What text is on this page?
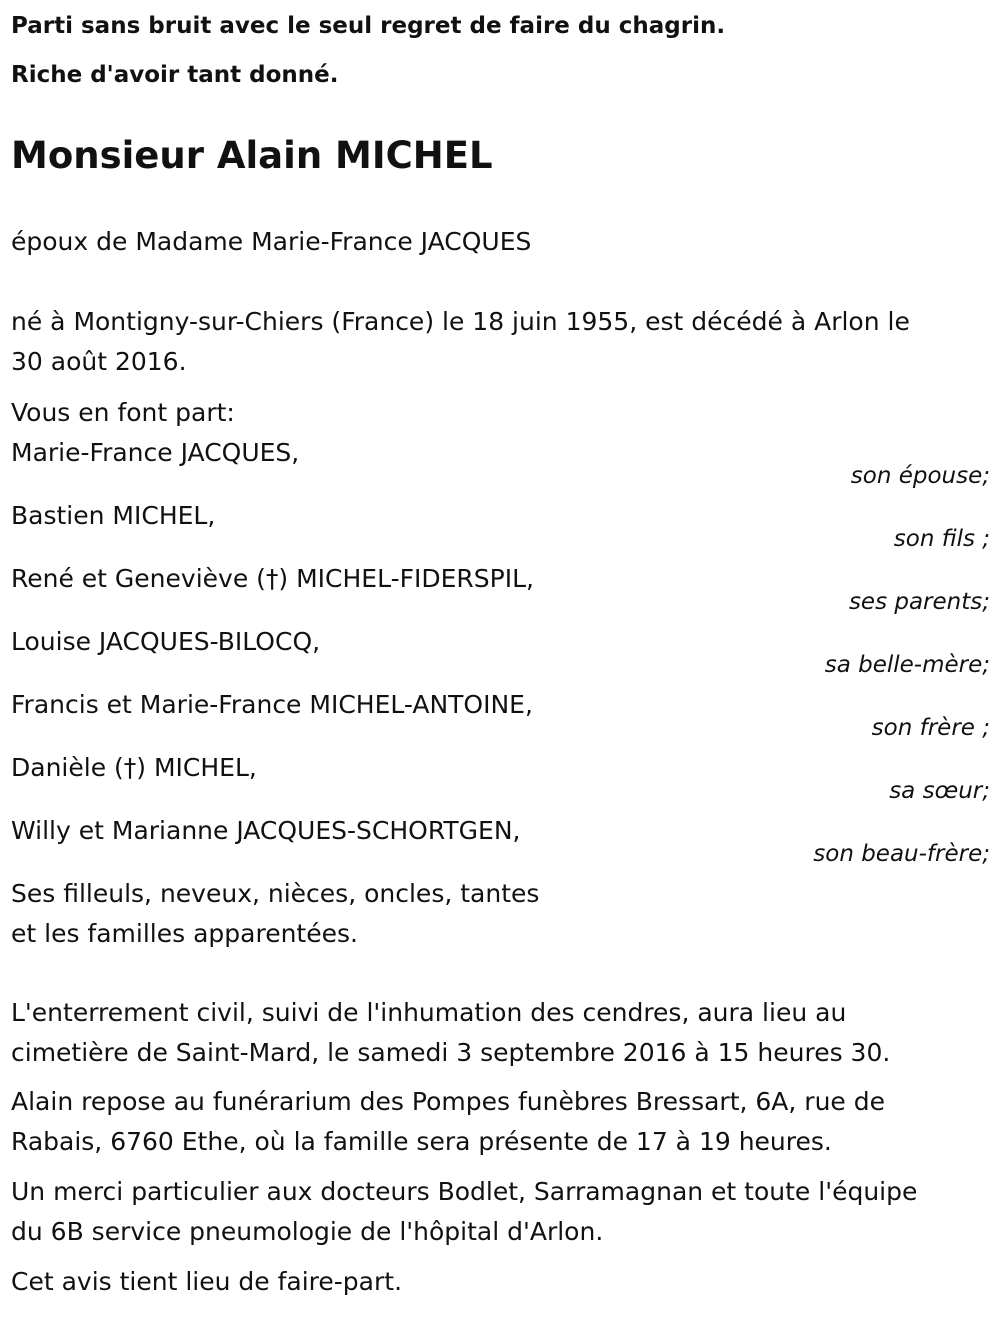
Parti sans bruit avec le seul regret de faire du chagrin.

Riche d'avoir tant donné.

Monsieur Alain MICHEL

époux de Madame Marie-France JACQUES

né à Montigny-sur-Chiers (France) le 18 juin 1955, est décédé à Arlon le

30 août 2016.

Vous en font part:

Marie-France JACQUES,

son épouse;

Bastien MICHEL,

son fils ;

René et Geneviève (†) MICHEL-FIDERSPIL,

ses parents;

Louise JACQUES-BILOCQ,

sa belle-mère;

Francis et Marie-France MICHEL-ANTOINE,

son frère ;

Danièle (†) MICHEL,

sa sœur;

Willy et Marianne JACQUES-SCHORTGEN,

son beau-frère;

Ses filleuls, neveux, nièces, oncles, tantes

et les familles apparentées.

L'enterrement civil, suivi de l'inhumation des cendres, aura lieu au

cimetière de Saint-Mard, le samedi 3 septembre 2016 à 15 heures 30.

Alain repose au funérarium des Pompes funèbres Bressart, 6A, rue de

Rabais, 6760 Ethe, où la famille sera présente de 17 à 19 heures.

Un merci particulier aux docteurs Bodlet, Sarramagnan et toute l'équipe

du 6B service pneumologie de l'hôpital d'Arlon.

Cet avis tient lieu de faire-part.
